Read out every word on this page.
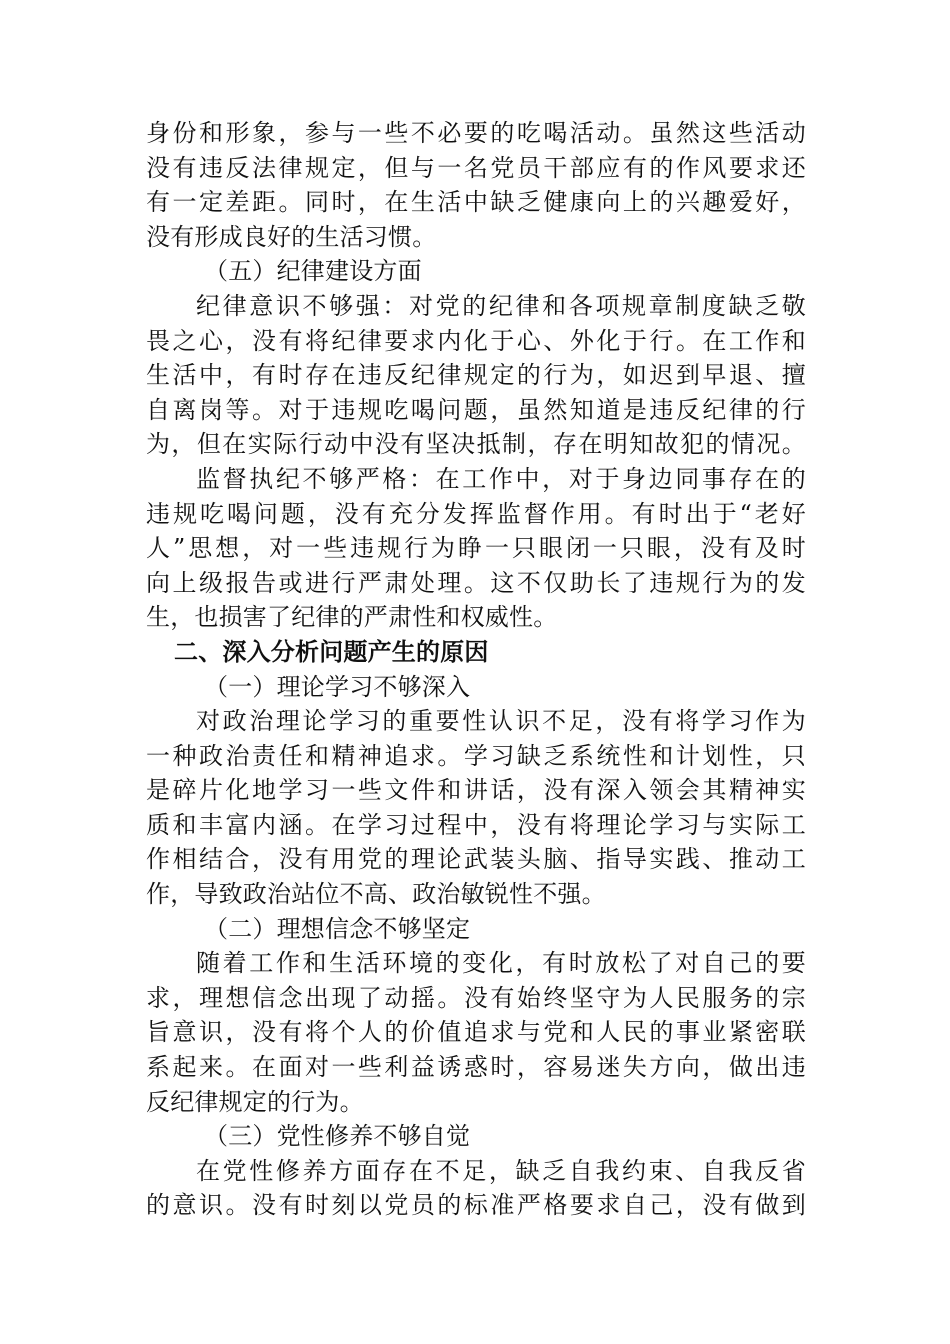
身份和形象，参与一些不必要的吃喝活动。虽然这些活动
没有违反法律规定，但与一名党员干部应有的作风要求还
有一定差距。同时，在生活中缺乏健康向上的兴趣爱好，
没有形成良好的生活习惯。
（五）纪律建设方面
纪律意识不够强：对党的纪律和各项规章制度缺乏敬
畏之心，没有将纪律要求内化于心、外化于行。在工作和
生活中，有时存在违反纪律规定的行为，如迟到早退、擅
自离岗等。对于违规吃喝问题，虽然知道是违反纪律的行
为，但在实际行动中没有坚决抵制，存在明知故犯的情况。
监督执纪不够严格：在工作中，对于身边同事存在的
违规吃喝问题，没有充分发挥监督作用。有时出于“老好
人”思想，对一些违规行为睁一只眼闭一只眼，没有及时
向上级报告或进行严肃处理。这不仅助长了违规行为的发
生，也损害了纪律的严肃性和权威性。
二、深入分析问题产生的原因
（一）理论学习不够深入
对政治理论学习的重要性认识不足，没有将学习作为
一种政治责任和精神追求。学习缺乏系统性和计划性，只
是碎片化地学习一些文件和讲话，没有深入领会其精神实
质和丰富内涵。在学习过程中，没有将理论学习与实际工
作相结合，没有用党的理论武装头脑、指导实践、推动工
作，导致政治站位不高、政治敏锐性不强。
（二）理想信念不够坚定
随着工作和生活环境的变化，有时放松了对自己的要
求，理想信念出现了动摇。没有始终坚守为人民服务的宗
旨意识，没有将个人的价值追求与党和人民的事业紧密联
系起来。在面对一些利益诱惑时，容易迷失方向，做出违
反纪律规定的行为。
（三）党性修养不够自觉
在党性修养方面存在不足，缺乏自我约束、自我反省
的意识。没有时刻以党员的标准严格要求自己，没有做到
